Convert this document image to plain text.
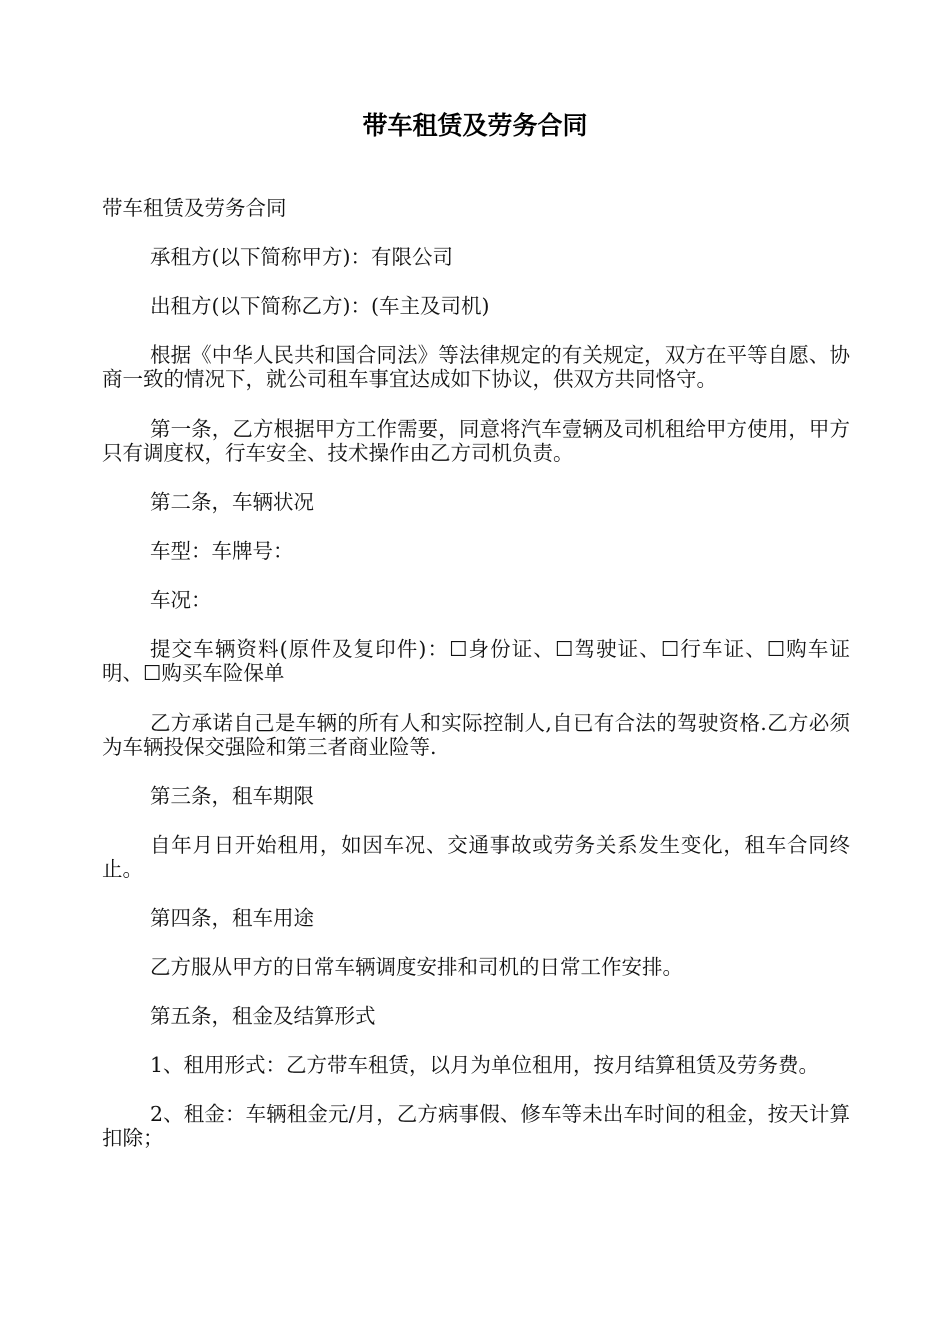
带车租赁及劳务合同

带车租赁及劳务合同

承租方(以下简称甲方)：有限公司

出租方(以下简称乙方)：(车主及司机)

根据《中华人民共和国合同法》等法律规定的有关规定，双方在平等自愿、协商一致的情况下，就公司租车事宜达成如下协议，供双方共同恪守。

第一条，乙方根据甲方工作需要，同意将汽车壹辆及司机租给甲方使用，甲方只有调度权，行车安全、技术操作由乙方司机负责。

第二条，车辆状况

车型：车牌号：

车况：

提交车辆资料(原件及复印件)：☐身份证、☐驾驶证、☐行车证、☐购车证明、☐购买车险保单

乙方承诺自己是车辆的所有人和实际控制人,自已有合法的驾驶资格.乙方必须为车辆投保交强险和第三者商业险等.

第三条，租车期限

自年月日开始租用，如因车况、交通事故或劳务关系发生变化，租车合同终止。

第四条，租车用途

乙方服从甲方的日常车辆调度安排和司机的日常工作安排。

第五条，租金及结算形式

1、租用形式：乙方带车租赁，以月为单位租用，按月结算租赁及劳务费。

2、租金：车辆租金元/月，乙方病事假、修车等未出车时间的租金，按天计算扣除；
